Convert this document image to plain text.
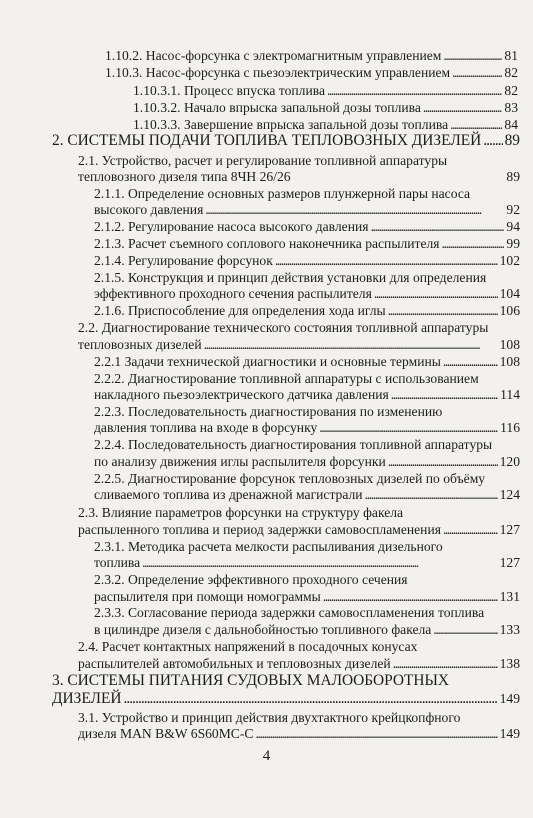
1.10.2. Насос-форсунка с электромагнитным управлением . . .	81
1.10.3. Насос-форсунка с пьезоэлектрическим управлением . . .	82
1.10.3.1. Процесс впуска топлива . . .	82
1.10.3.2. Начало впрыска запальной дозы топлива . . .	83
1.10.3.3. Завершение впрыска запальной дозы топлива . . .	84
2. СИСТЕМЫ ПОДАЧИ ТОПЛИВА ТЕПЛОВОЗНЫХ ДИЗЕЛЕЙ . . . 89
2.1. Устройство, расчет и регулирование топливной аппаратуры
тепловозного дизеля типа 8ЧН 26/26	89
2.1.1. Определение основных размеров плунжерной пары насоса
высокого давления . . .	92
2.1.2. Регулирование насоса высокого давления . . .	94
2.1.3. Расчет съемного соплового наконечника распылителя . . .	99
2.1.4. Регулирование форсунок . . .	102
2.1.5. Конструкция и принцип действия установки для определения
эффективного проходного сечения распылителя . . .	104
2.1.6. Приспособление для определения хода иглы . . .	106
2.2. Диагностирование технического состояния топливной аппаратуры
тепловозных дизелей . . .	108
2.2.1 Задачи технической диагностики и основные термины . . .	108
2.2.2. Диагностирование топливной аппаратуры с использованием
накладного пьезоэлектрического датчика давления . . .	114
2.2.3. Последовательность диагностирования по изменению
давления топлива на входе в форсунку . . .	116
2.2.4. Последовательность диагностирования топливной аппаратуры
по анализу движения иглы распылителя форсунки . . .	120
2.2.5. Диагностирование форсунок тепловозных дизелей по объёму
сливаемого топлива из дренажной магистрали . . .	124
2.3. Влияние параметров форсунки на структуру факела
распыленного топлива и период задержки самовоспламенения . . .	127
2.3.1. Методика расчета мелкости распыливания дизельного
топлива . . .	127
2.3.2. Определение эффективного проходного сечения
распылителя при помощи номограммы . . .	131
2.3.3. Согласование периода задержки самовоспламенения топлива
в цилиндре дизеля с дальнобойностью топливного факела . . .	133
2.4. Расчет контактных напряжений в посадочных конусах
распылителей автомобильных и тепловозных дизелей . . .	138
3. СИСТЕМЫ ПИТАНИЯ СУДОВЫХ МАЛООБОРОТНЫХ
ДИЗЕЛЕЙ . . .	149
3.1. Устройство и принцип действия двухтактного крейцкопфного
дизеля MAN B&W 6S60MC-C . . .	149
4
